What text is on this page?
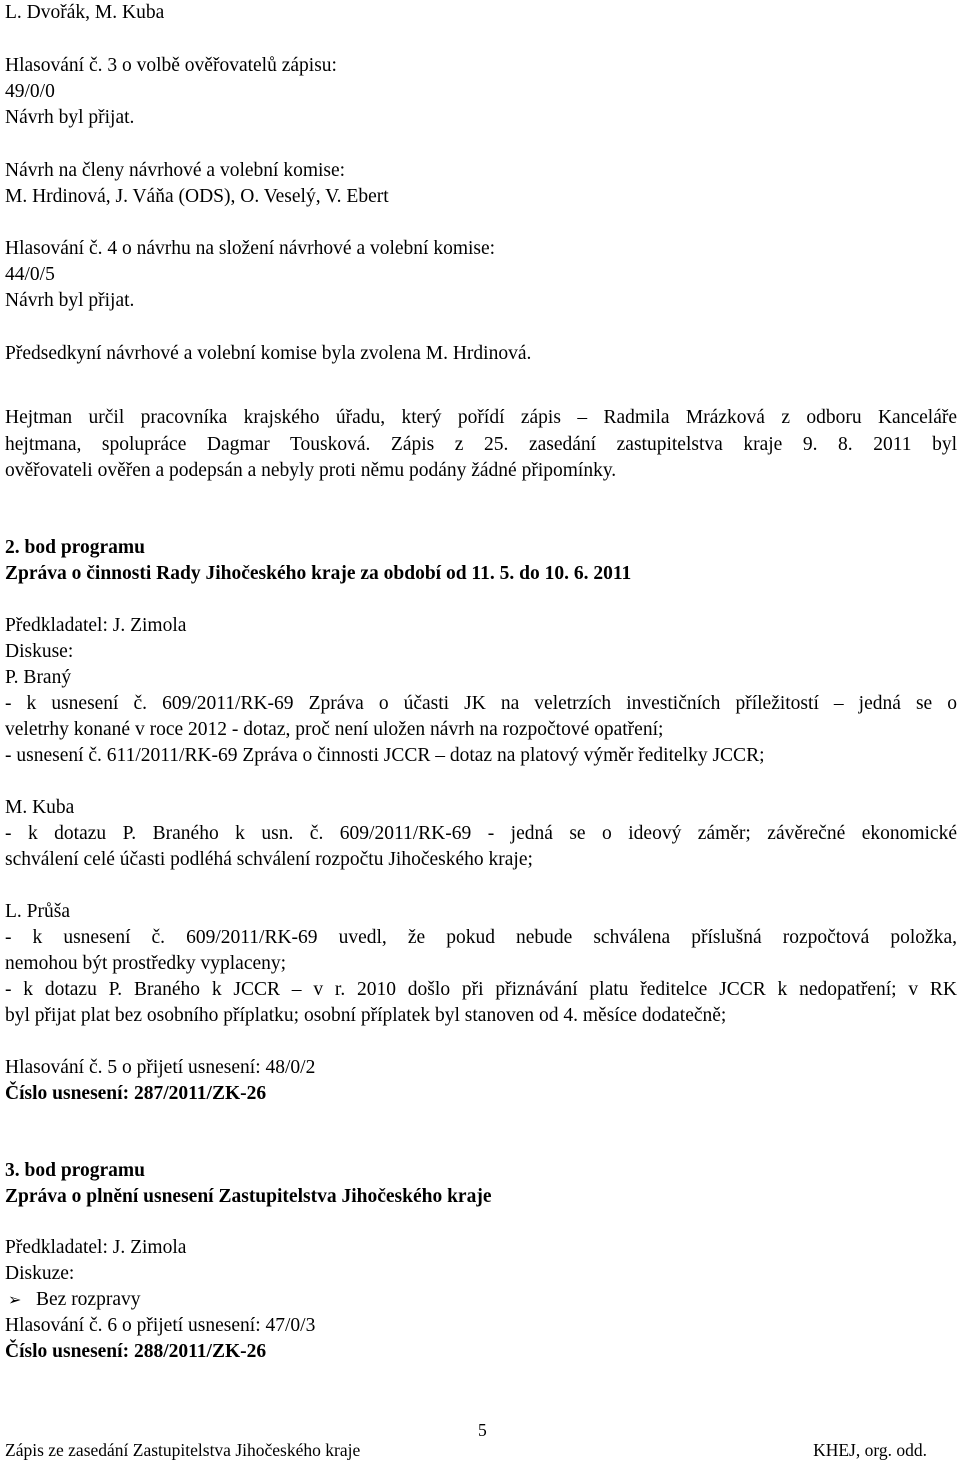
L. Dvořák, M. Kuba
Hlasování č. 3 o volbě ověřovatelů zápisu:
49/0/0
Návrh byl přijat.
Návrh na členy návrhové a volební komise:
M. Hrdinová, J. Váňa (ODS), O. Veselý, V. Ebert
Hlasování č. 4 o návrhu na složení návrhové a volební komise:
44/0/5
Návrh byl přijat.
Předsedkyní návrhové a volební komise byla zvolena M. Hrdinová.
Hejtman určil pracovníka krajského úřadu, který pořídí zápis – Radmila Mrázková z odboru Kanceláře
hejtmana, spolupráce Dagmar Tousková. Zápis z 25. zasedání zastupitelstva kraje 9. 8. 2011 byl
ověřovateli ověřen a podepsán a nebyly proti němu podány žádné připomínky.
2. bod programu
Zpráva o činnosti Rady Jihočeského kraje za období od 11. 5. do 10. 6. 2011
Předkladatel: J. Zimola
Diskuse:
P. Braný
- k usnesení č. 609/2011/RK-69 Zpráva o účasti JK na veletrzích investičních příležitostí – jedná se o
veletrhy konané v roce 2012 - dotaz, proč není uložen návrh na rozpočtové opatření;
- usnesení č. 611/2011/RK-69 Zpráva o činnosti JCCR – dotaz na platový výměr ředitelky JCCR;
M. Kuba
- k dotazu P. Braného k usn. č. 609/2011/RK-69 - jedná se o ideový záměr; závěrečné ekonomické
schválení celé účasti podléhá schválení rozpočtu Jihočeského kraje;
L. Průša
- k usnesení č. 609/2011/RK-69 uvedl, že pokud nebude schválena příslušná rozpočtová položka,
nemohou být prostředky vyplaceny;
- k dotazu P. Braného k JCCR – v r. 2010 došlo při přiznávání platu ředitelce JCCR k nedopatření; v RK
byl přijat plat bez osobního příplatku; osobní příplatek byl stanoven od 4. měsíce dodatečně;
Hlasování č. 5 o přijetí usnesení: 48/0/2
Číslo usnesení: 287/2011/ZK-26
3. bod programu
Zpráva o plnění usnesení Zastupitelstva Jihočeského kraje
Předkladatel: J. Zimola
Diskuze:
➢ Bez rozpravy
Hlasování č. 6 o přijetí usnesení: 47/0/3
Číslo usnesení: 288/2011/ZK-26
5
Zápis ze zasedání Zastupitelstva Jihočeského kraje	KHEJ, org. odd.
